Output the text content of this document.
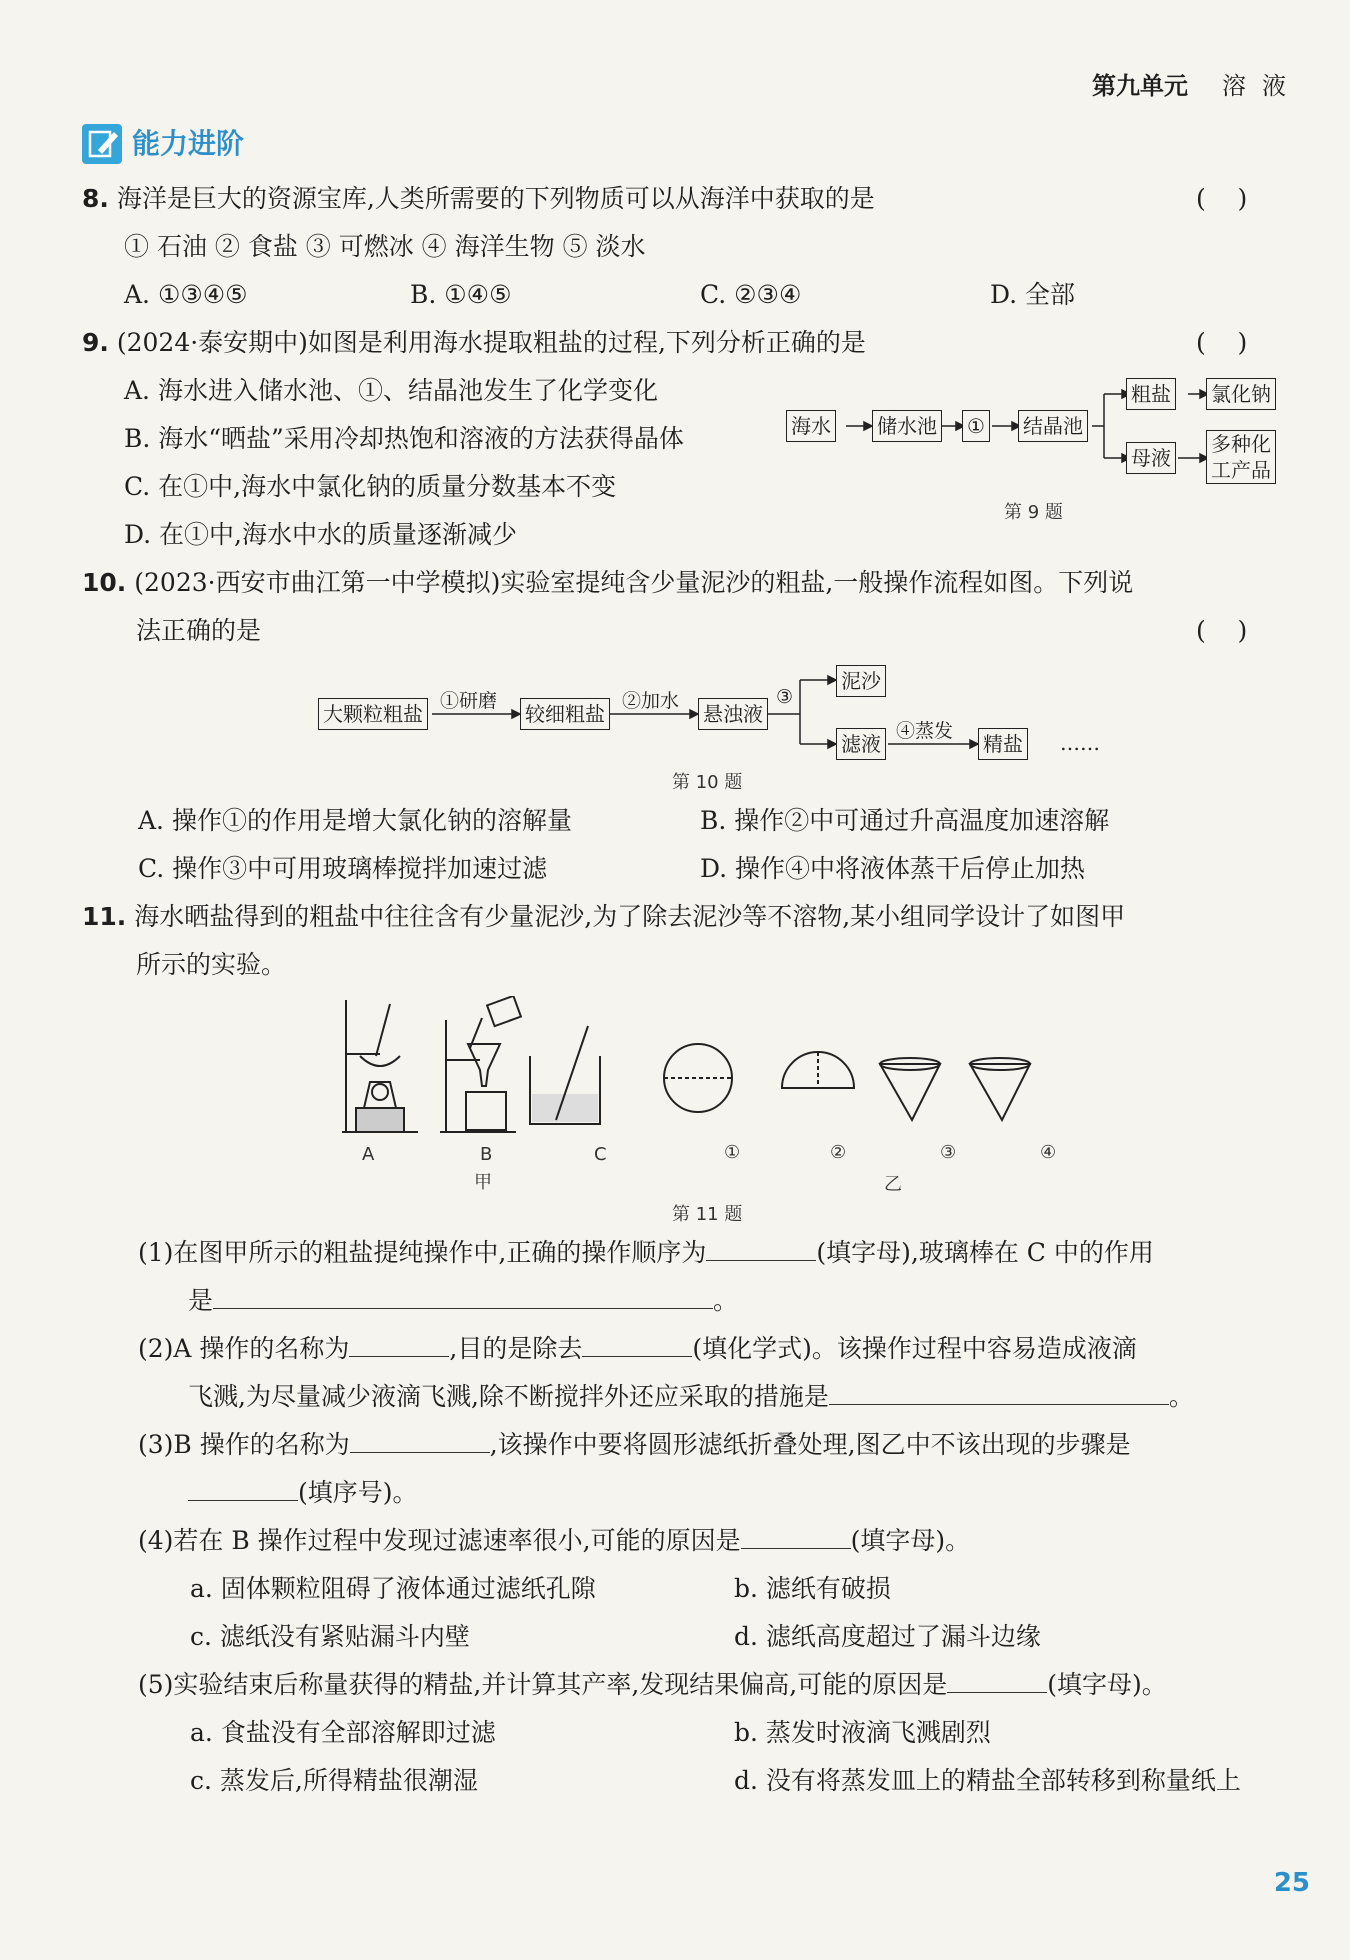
第九单元 溶液
能力进阶
8. 海洋是巨大的资源宝库,人类所需要的下列物质可以从海洋中获取的是	(    )
① 石油 ② 食盐 ③ 可燃冰 ④ 海洋生物 ⑤ 淡水
A. ①③④⑤	B. ①④⑤	C. ②③④	D. 全部
9. (2024·泰安期中)如图是利用海水提取粗盐的过程,下列分析正确的是	(    )
A. 海水进入储水池、①、结晶池发生了化学变化
B. 海水“晒盐”采用冷却热饱和溶液的方法获得晶体
C. 在①中,海水中氯化钠的质量分数基本不变
D. 在①中,海水中水的质量逐渐减少
海水 储水池 ① 结晶池
粗盐 氯化钠
母液
多种化
工产品
第 9 题
10. (2023·西安市曲江第一中学模拟)实验室提纯含少量泥沙的粗盐,一般操作流程如图。下列说
法正确的是	(    )
大颗粒粗盐	较细粗盐	悬浊液
泥沙
滤液	精盐 ……
①研磨	②加水	③
④蒸发
第 10 题
A. 操作①的作用是增大氯化钠的溶解量	B. 操作②中可通过升高温度加速溶解
C. 操作③中可用玻璃棒搅拌加速过滤	D. 操作④中将液体蒸干后停止加热
11. 海水晒盐得到的粗盐中往往含有少量泥沙,为了除去泥沙等不溶物,某小组同学设计了如图甲
所示的实验。
A	B	C
甲
①	②	③	④
乙
第 11 题
(1)在图甲所示的粗盐提纯操作中,正确的操作顺序为	(填字母),玻璃棒在 C 中的作用
是	。
(2)A 操作的名称为	,目的是除去	(填化学式)。该操作过程中容易造成液滴
飞溅,为尽量减少液滴飞溅,除不断搅拌外还应采取的措施是	。
(3)B 操作的名称为	,该操作中要将圆形滤纸折叠处理,图乙中不该出现的步骤是
(填序号)。
(4)若在 B 操作过程中发现过滤速率很小,可能的原因是	(填字母)。
a. 固体颗粒阻碍了液体通过滤纸孔隙	b. 滤纸有破损
c. 滤纸没有紧贴漏斗内壁	d. 滤纸高度超过了漏斗边缘
(5)实验结束后称量获得的精盐,并计算其产率,发现结果偏高,可能的原因是	(填字母)。
a. 食盐没有全部溶解即过滤	b. 蒸发时液滴飞溅剧烈
c. 蒸发后,所得精盐很潮湿	d. 没有将蒸发皿上的精盐全部转移到称量纸上
25
